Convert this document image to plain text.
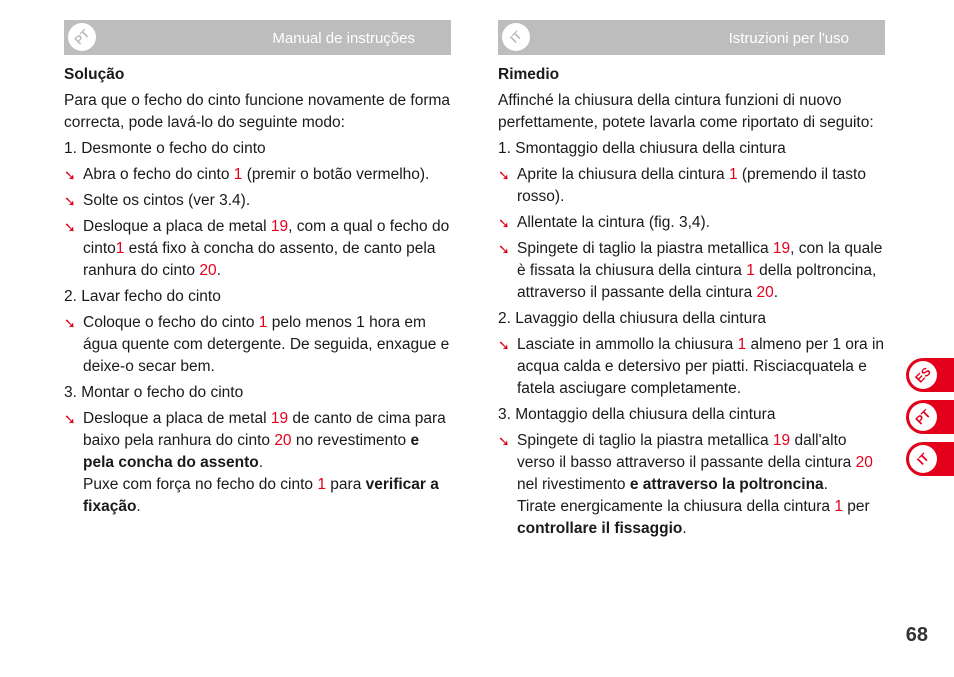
PT	Manual de instruções	IT	Istruzioni per l'uso

Solução

Para que o fecho do cinto funcione novamente de forma correcta, pode lavá-lo do seguinte modo:

1. Desmonte o fecho do cinto

➘ Abra o fecho do cinto 1 (premir o botão vermelho).
➘ Solte os cintos (ver 3.4).
➘ Desloque a placa de metal 19, com a qual o fecho do cinto1 está fixo à concha do assento, de canto pela ranhura do cinto 20.

2. Lavar fecho do cinto

➘ Coloque o fecho do cinto 1 pelo menos 1 hora em água quente com detergente. De seguida, enxague e deixe-o secar bem.

3. Montar o fecho do cinto

➘ Desloque a placa de metal 19 de canto de cima para baixo pela ranhura do cinto 20 no revestimento e pela concha do assento.
Puxe com força no fecho do cinto 1 para verificar a fixação.

Rimedio

Affinché la chiusura della cintura funzioni di nuovo perfettamente, potete lavarla come riportato di seguito:

1. Smontaggio della chiusura della cintura

➘ Aprite la chiusura della cintura 1 (premendo il tasto rosso).
➘ Allentate la cintura (fig. 3,4).
➘ Spingete di taglio la piastra metallica 19, con la quale è fissata la chiusura della cintura 1 della poltroncina, attraverso il passante della cintura 20.

2. Lavaggio della chiusura della cintura

➘ Lasciate in ammollo la chiusura 1 almeno per 1 ora in acqua calda e detersivo per piatti. Risciacquatela e fatela asciugare completamente.

3. Montaggio della chiusura della cintura

➘ Spingete di taglio la piastra metallica 19 dall'alto verso il basso attraverso il passante della cintura 20 nel rivestimento e attraverso la poltroncina.
Tirate energicamente la chiusura della cintura 1 per controllare il fissaggio.
ES
PT
IT
68
